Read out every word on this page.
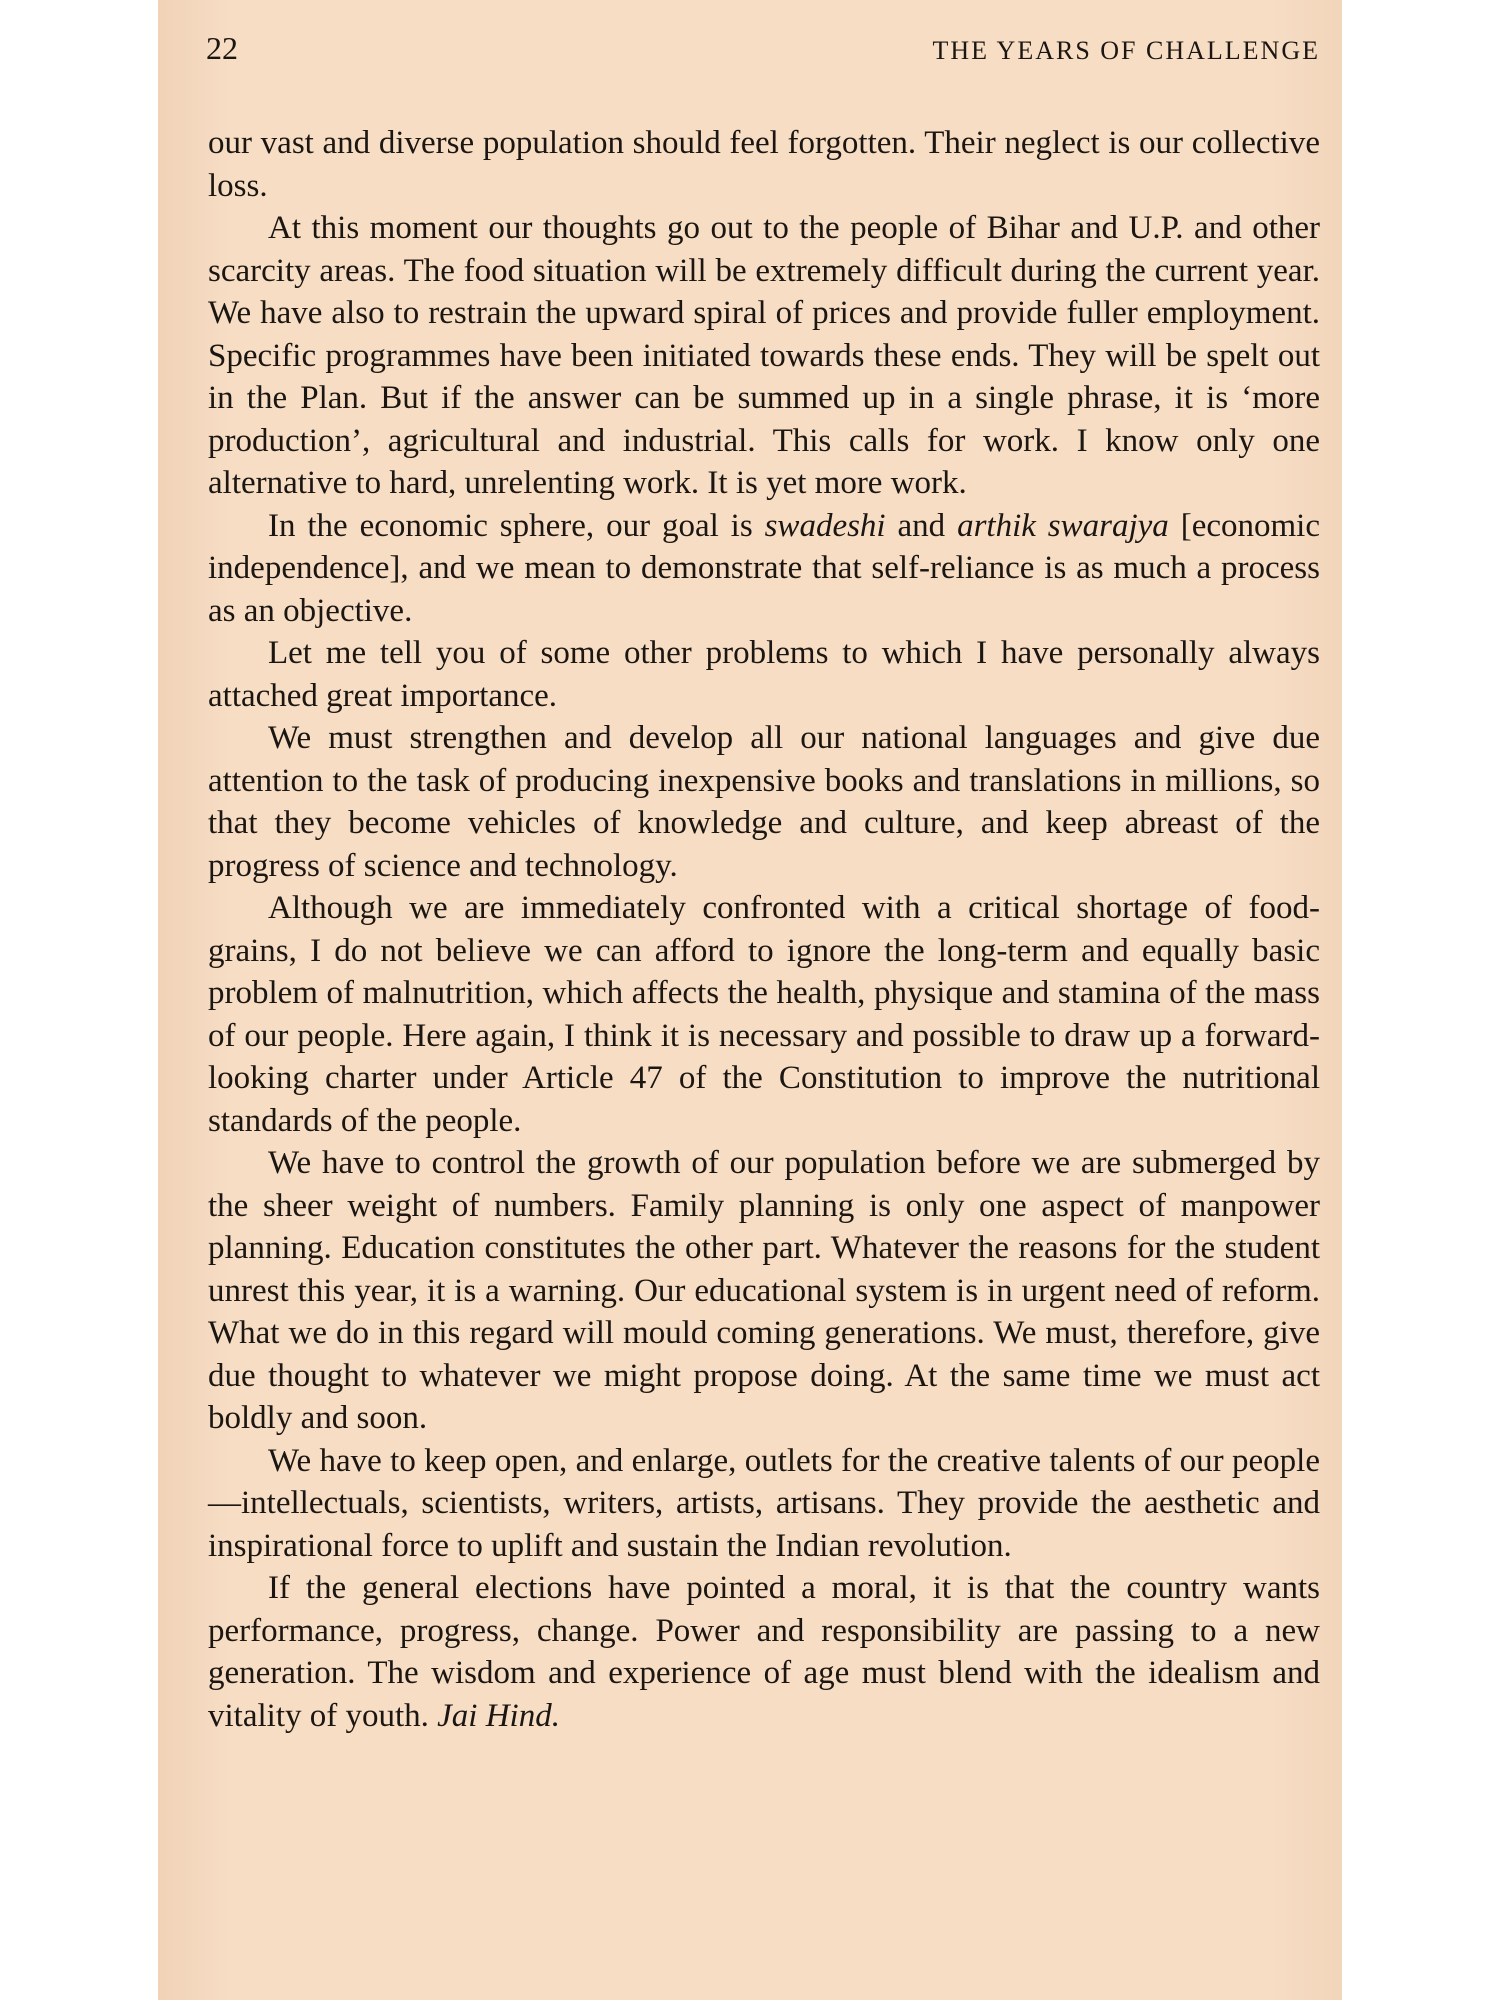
22	THE YEARS OF CHALLENGE

our vast and diverse population should feel forgotten. Their neglect is our collective loss.

At this moment our thoughts go out to the people of Bihar and U.P. and other scarcity areas. The food situation will be extremely difficult during the current year. We have also to restrain the upward spiral of prices and provide fuller employment. Specific programmes have been initiated towards these ends. They will be spelt out in the Plan. But if the answer can be summed up in a single phrase, it is ‘more production’, agricultural and industrial. This calls for work. I know only one alternative to hard, unrelenting work. It is yet more work.

In the economic sphere, our goal is swadeshi and arthik swarajya [economic independence], and we mean to demonstrate that self-reliance is as much a process as an objective.

Let me tell you of some other problems to which I have personally always attached great importance.

We must strengthen and develop all our national languages and give due attention to the task of producing inexpensive books and translations in millions, so that they become vehicles of knowledge and culture, and keep abreast of the progress of science and technology.

Although we are immediately confronted with a critical shortage of food-grains, I do not believe we can afford to ignore the long-term and equally basic problem of malnutrition, which affects the health, physique and stamina of the mass of our people. Here again, I think it is necessary and possible to draw up a forward-looking charter under Article 47 of the Constitution to improve the nutritional standards of the people.

We have to control the growth of our population before we are submerged by the sheer weight of numbers. Family planning is only one aspect of manpower planning. Education constitutes the other part. Whatever the reasons for the student unrest this year, it is a warning. Our educational system is in urgent need of reform. What we do in this regard will mould coming generations. We must, therefore, give due thought to whatever we might propose doing. At the same time we must act boldly and soon.

We have to keep open, and enlarge, outlets for the creative talents of our people—intellectuals, scientists, writers, artists, artisans. They provide the aesthetic and inspirational force to uplift and sustain the Indian revolution.

If the general elections have pointed a moral, it is that the country wants performance, progress, change. Power and responsibility are passing to a new generation. The wisdom and experience of age must blend with the idealism and vitality of youth. Jai Hind.
